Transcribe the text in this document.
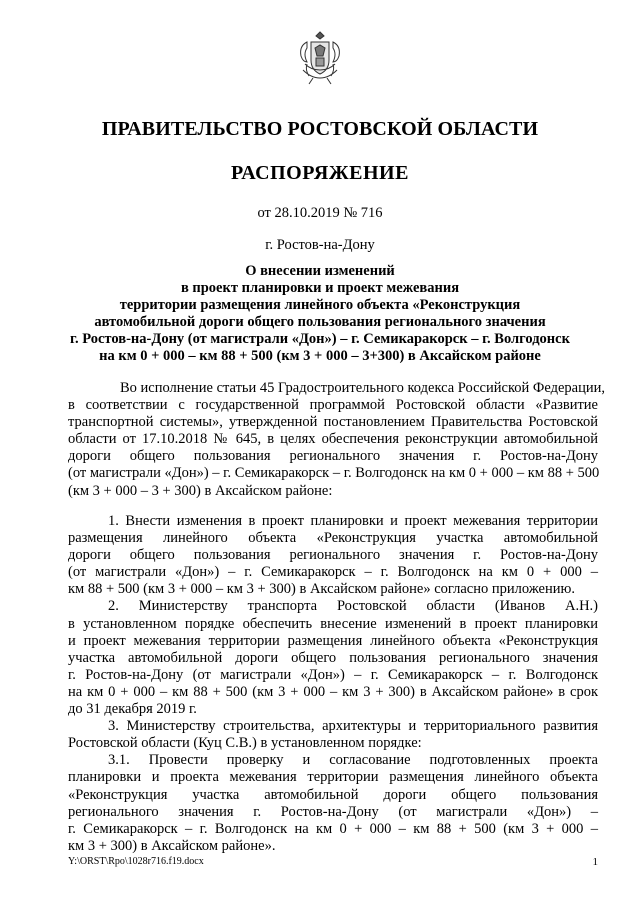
ПРАВИТЕЛЬСТВО РОСТОВСКОЙ ОБЛАСТИ
РАСПОРЯЖЕНИЕ
от 28.10.2019 № 716
г. Ростов-на-Дону
О внесении изменений
в проект планировки и проект межевания
территории размещения линейного объекта «Реконструкция
автомобильной дороги общего пользования регионального значения
г. Ростов-на-Дону (от магистрали «Дон») – г. Семикаракорск – г. Волгодонск
на км 0 + 000 – км 88 + 500 (км 3 + 000 – 3+300) в Аксайском районе
Во исполнение статьи 45 Градостроительного кодекса Российской Федерации,
в соответствии с государственной программой Ростовской области «Развитие
транспортной системы», утвержденной постановлением Правительства Ростовской
области от 17.10.2018 № 645, в целях обеспечения реконструкции автомобильной
дороги общего пользования регионального значения г. Ростов-на-Дону
(от магистрали «Дон») – г. Семикаракорск – г. Волгодонск на км 0 + 000 – км 88 + 500
(км 3 + 000 – 3 + 300) в Аксайском районе:
1. Внести изменения в проект планировки и проект межевания территории
размещения линейного объекта «Реконструкция участка автомобильной
дороги общего пользования регионального значения г. Ростов-на-Дону
(от магистрали «Дон») – г. Семикаракорск – г. Волгодонск на км 0 + 000 –
км 88 + 500 (км 3 + 000 – км 3 + 300) в Аксайском районе» согласно приложению.
2. Министерству транспорта Ростовской области (Иванов А.Н.)
в установленном порядке обеспечить внесение изменений в проект планировки
и проект межевания территории размещения линейного объекта «Реконструкция
участка автомобильной дороги общего пользования регионального значения
г. Ростов-на-Дону (от магистрали «Дон») – г. Семикаракорск – г. Волгодонск
на км 0 + 000 – км 88 + 500 (км 3 + 000 – км 3 + 300) в Аксайском районе» в срок
до 31 декабря 2019 г.
3. Министерству строительства, архитектуры и территориального развития
Ростовской области (Куц С.В.) в установленном порядке:
3.1. Провести проверку и согласование подготовленных проекта
планировки и проекта межевания территории размещения линейного объекта
«Реконструкция участка автомобильной дороги общего пользования
регионального значения г. Ростов-на-Дону (от магистрали «Дон») –
г. Семикаракорск – г. Волгодонск на км 0 + 000 – км 88 + 500 (км 3 + 000 –
км 3 + 300) в Аксайском районе».
Y:\ORST\Rpo\1028r716.f19.docx	1
